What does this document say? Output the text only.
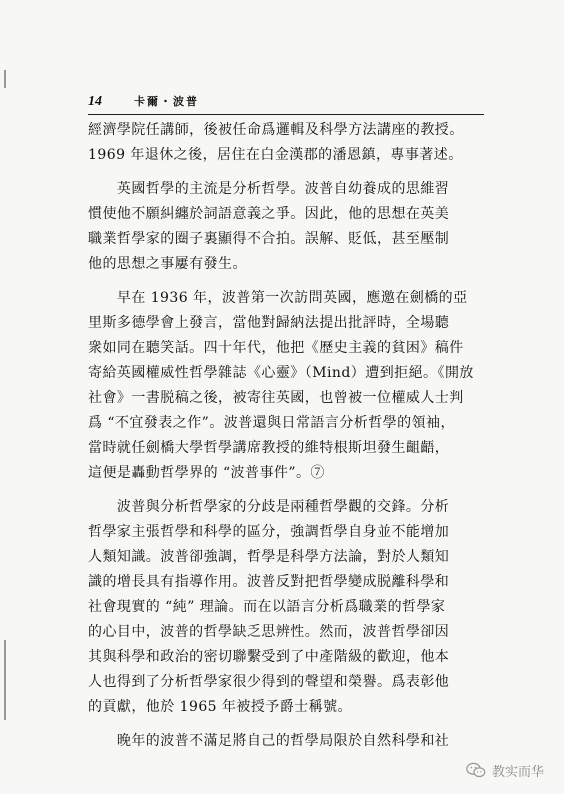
14	卡爾・波普
經濟學院任講師，後被任命爲邏輯及科學方法講座的教授。
1969 年退休之後，居住在白金漢郡的潘恩鎮，專事著述。
　　英國哲學的主流是分析哲學。波普自幼養成的思維習
慣使他不願糾纏於詞語意義之爭。因此，他的思想在英美
職業哲學家的圈子裏顯得不合拍。誤解、貶低，甚至壓制
他的思想之事屢有發生。
　　早在 1936 年，波普第一次訪問英國，應邀在劍橋的亞
里斯多德學會上發言，當他對歸納法提出批評時，全場聽
衆如同在聽笑話。四十年代，他把《歷史主義的貧困》稿件
寄給英國權威性哲學雜誌《心靈》（Mind）遭到拒絕。《開放
社會》一書脱稿之後，被寄往英國，也曾被一位權威人士判
爲 “不宜發表之作”。波普還與日常語言分析哲學的領袖，
當時就任劍橋大學哲學講席教授的維特根斯坦發生齟齬，
這便是轟動哲學界的 “波普事件”。⑦
　　波普與分析哲學家的分歧是兩種哲學觀的交鋒。分析
哲學家主張哲學和科學的區分，強調哲學自身並不能增加
人類知識。波普卻強調，哲學是科學方法論，對於人類知
識的增長具有指導作用。波普反對把哲學變成脱離科學和
社會現實的 “純” 理論。而在以語言分析爲職業的哲學家
的心目中，波普的哲學缺乏思辨性。然而，波普哲學卻因
其與科學和政治的密切聯繫受到了中產階級的歡迎，他本
人也得到了分析哲學家很少得到的聲望和榮譽。爲表彰他
的貢獻，他於 1965 年被授予爵士稱號。
　　晚年的波普不滿足將自己的哲學局限於自然科學和社
教实而华
